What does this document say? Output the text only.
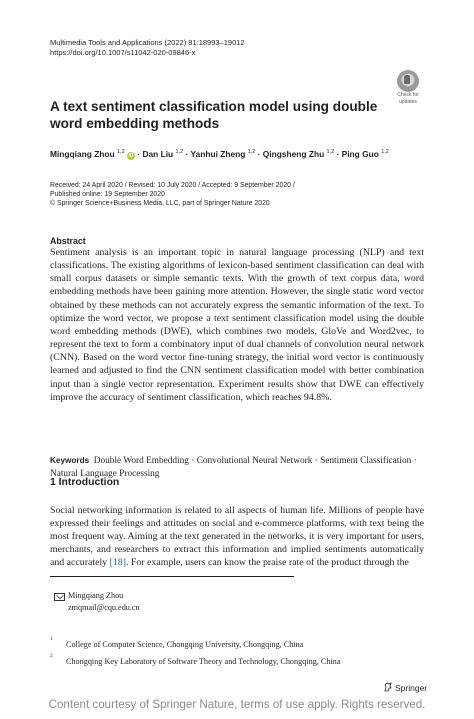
Multimedia Tools and Applications (2022) 81:18993–19012
https://doi.org/10.1007/s11042-020-09846-x
Check for
updates
A text sentiment classification model using double
word embedding methods
Mingqiang Zhou $^{1,2}$ iD · Dan Liu $^{1,2}$ · Yanhui Zheng $^{1,2}$ · Qingsheng Zhu $^{1,2}$ · Ping Guo $^{1,2}$
Received: 24 April 2020 / Revised: 10 July 2020 / Accepted: 9 September 2020 /
Published online: 19 September 2020
© Springer Science+Business Media, LLC, part of Springer Nature 2020
Abstract
Sentiment analysis is an important topic in natural language processing (NLP) and text classifications. The existing algorithms of lexicon-based sentiment classification can deal with small corpus datasets or simple semantic texts. With the growth of text corpus data, word embedding methods have been gaining more attention. However, the single static word vector obtained by these methods can not accurately express the semantic information of the text. To optimize the word vector, we propose a text sentiment classification model using the double word embedding methods (DWE), which combines two models, GloVe and Word2vec, to represent the text to form a combinatory input of dual channels of convolution neural network (CNN). Based on the word vector fine-tuning strategy, the initial word vector is continuously learned and adjusted to find the CNN sentiment classification model with better combination input than a single vector representation. Experiment results show that DWE can effectively improve the accuracy of sentiment classification, which reaches 94.8%.
Keywords Double Word Embedding · Convolutional Neural Network · Sentiment Classification · Natural Language Processing
1 Introduction
Social networking information is related to all aspects of human life. Millions of people have expressed their feelings and attitudes on social and e-commerce platforms, with text being the most frequent way. Aiming at the text generated in the networks, it is very important for users, merchants, and researchers to extract this information and implied sentiments automatically and accurately [18]. For example, users can know the praise rate of the product through the
Mingqiang Zhou
zmqmail@cqu.edu.cn
1
College of Computer Science, Chongqing University, Chongqing, China
2
Chongqing Key Laboratory of Software Theory and Technology, Chongqing, China
Springer
Content courtesy of Springer Nature, terms of use apply. Rights reserved.
